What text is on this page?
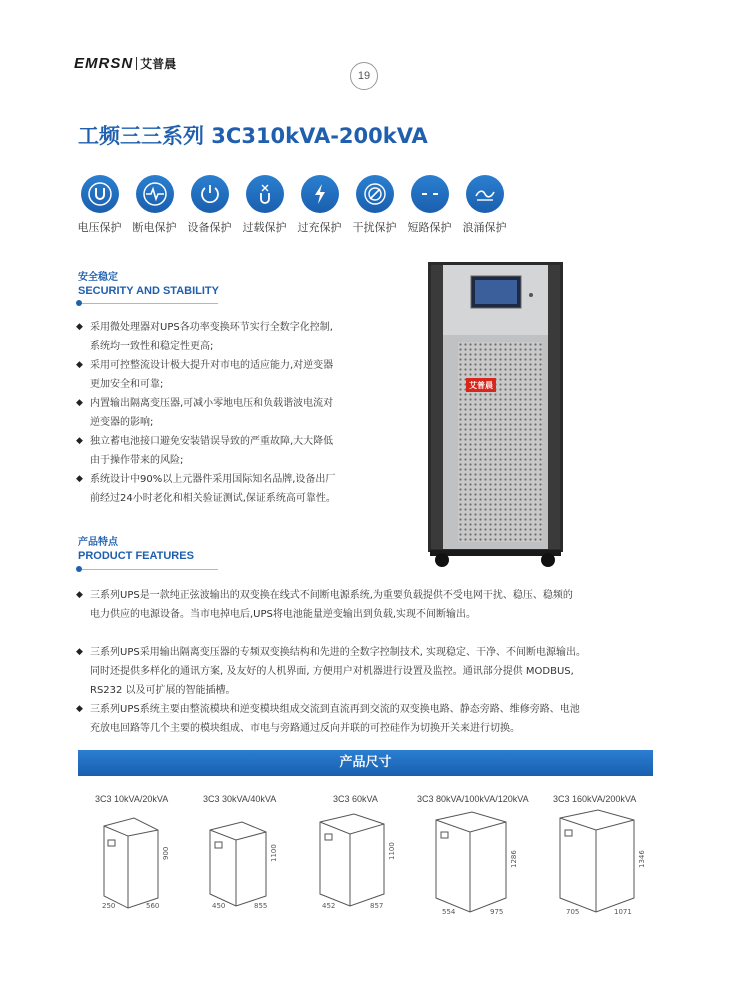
EMRSN 艾普晨
19
工频三三系列 3C310kVA-200kVA
电压保护 断电保护 设备保护 过载保护 过充保护 干扰保护 短路保护 浪涌保护
安全稳定
SECURITY AND STABILITY
◆ 采用微处理器对UPS各功率变换环节实行全数字化控制,
系统均一致性和稳定性更高;
◆ 采用可控整流设计极大提升对市电的适应能力,对逆变器
更加安全和可靠;
◆ 内置输出隔离变压器,可减小零地电压和负载谐波电流对
逆变器的影响;
◆ 独立蓄电池接口避免安装错误导致的严重故障,大大降低
由于操作带来的风险;
◆ 系统设计中90%以上元器件采用国际知名品牌,设备出厂
前经过24小时老化和相关验证测试,保证系统高可靠性。
产品特点
PRODUCT FEATURES
艾普晨
◆ 三系列UPS是一款纯正弦波输出的双变换在线式不间断电源系统,为重要负载提供不受电网干扰、稳压、稳频的
电力供应的电源设备。当市电掉电后,UPS将电池能量逆变输出到负载,实现不间断输出。
◆ 三系列UPS采用输出隔离变压器的专频双变换结构和先进的全数字控制技术, 实现稳定、干净、不间断电源输出。
同时还提供多样化的通讯方案, 及友好的人机界面, 方便用户对机器进行设置及监控。通讯部分提供 MODBUS,
RS232 以及可扩展的智能插槽。
◆ 三系列UPS系统主要由整流模块和逆变模块组成交流到直流再到交流的双变换电路、静态旁路、维修旁路、电池
充放电回路等几个主要的模块组成、市电与旁路通过反向并联的可控硅作为切换开关来进行切换。
产品尺寸
3C3 10kVA/20kVA	3C3 30kVA/40kVA	3C3 60kVA	3C3 80kVA/100kVA/120kVA	3C3 160kVA/200kVA
900
250	560
1100
450	855
1100
452	857
1286
554	975
1346
705	1071
